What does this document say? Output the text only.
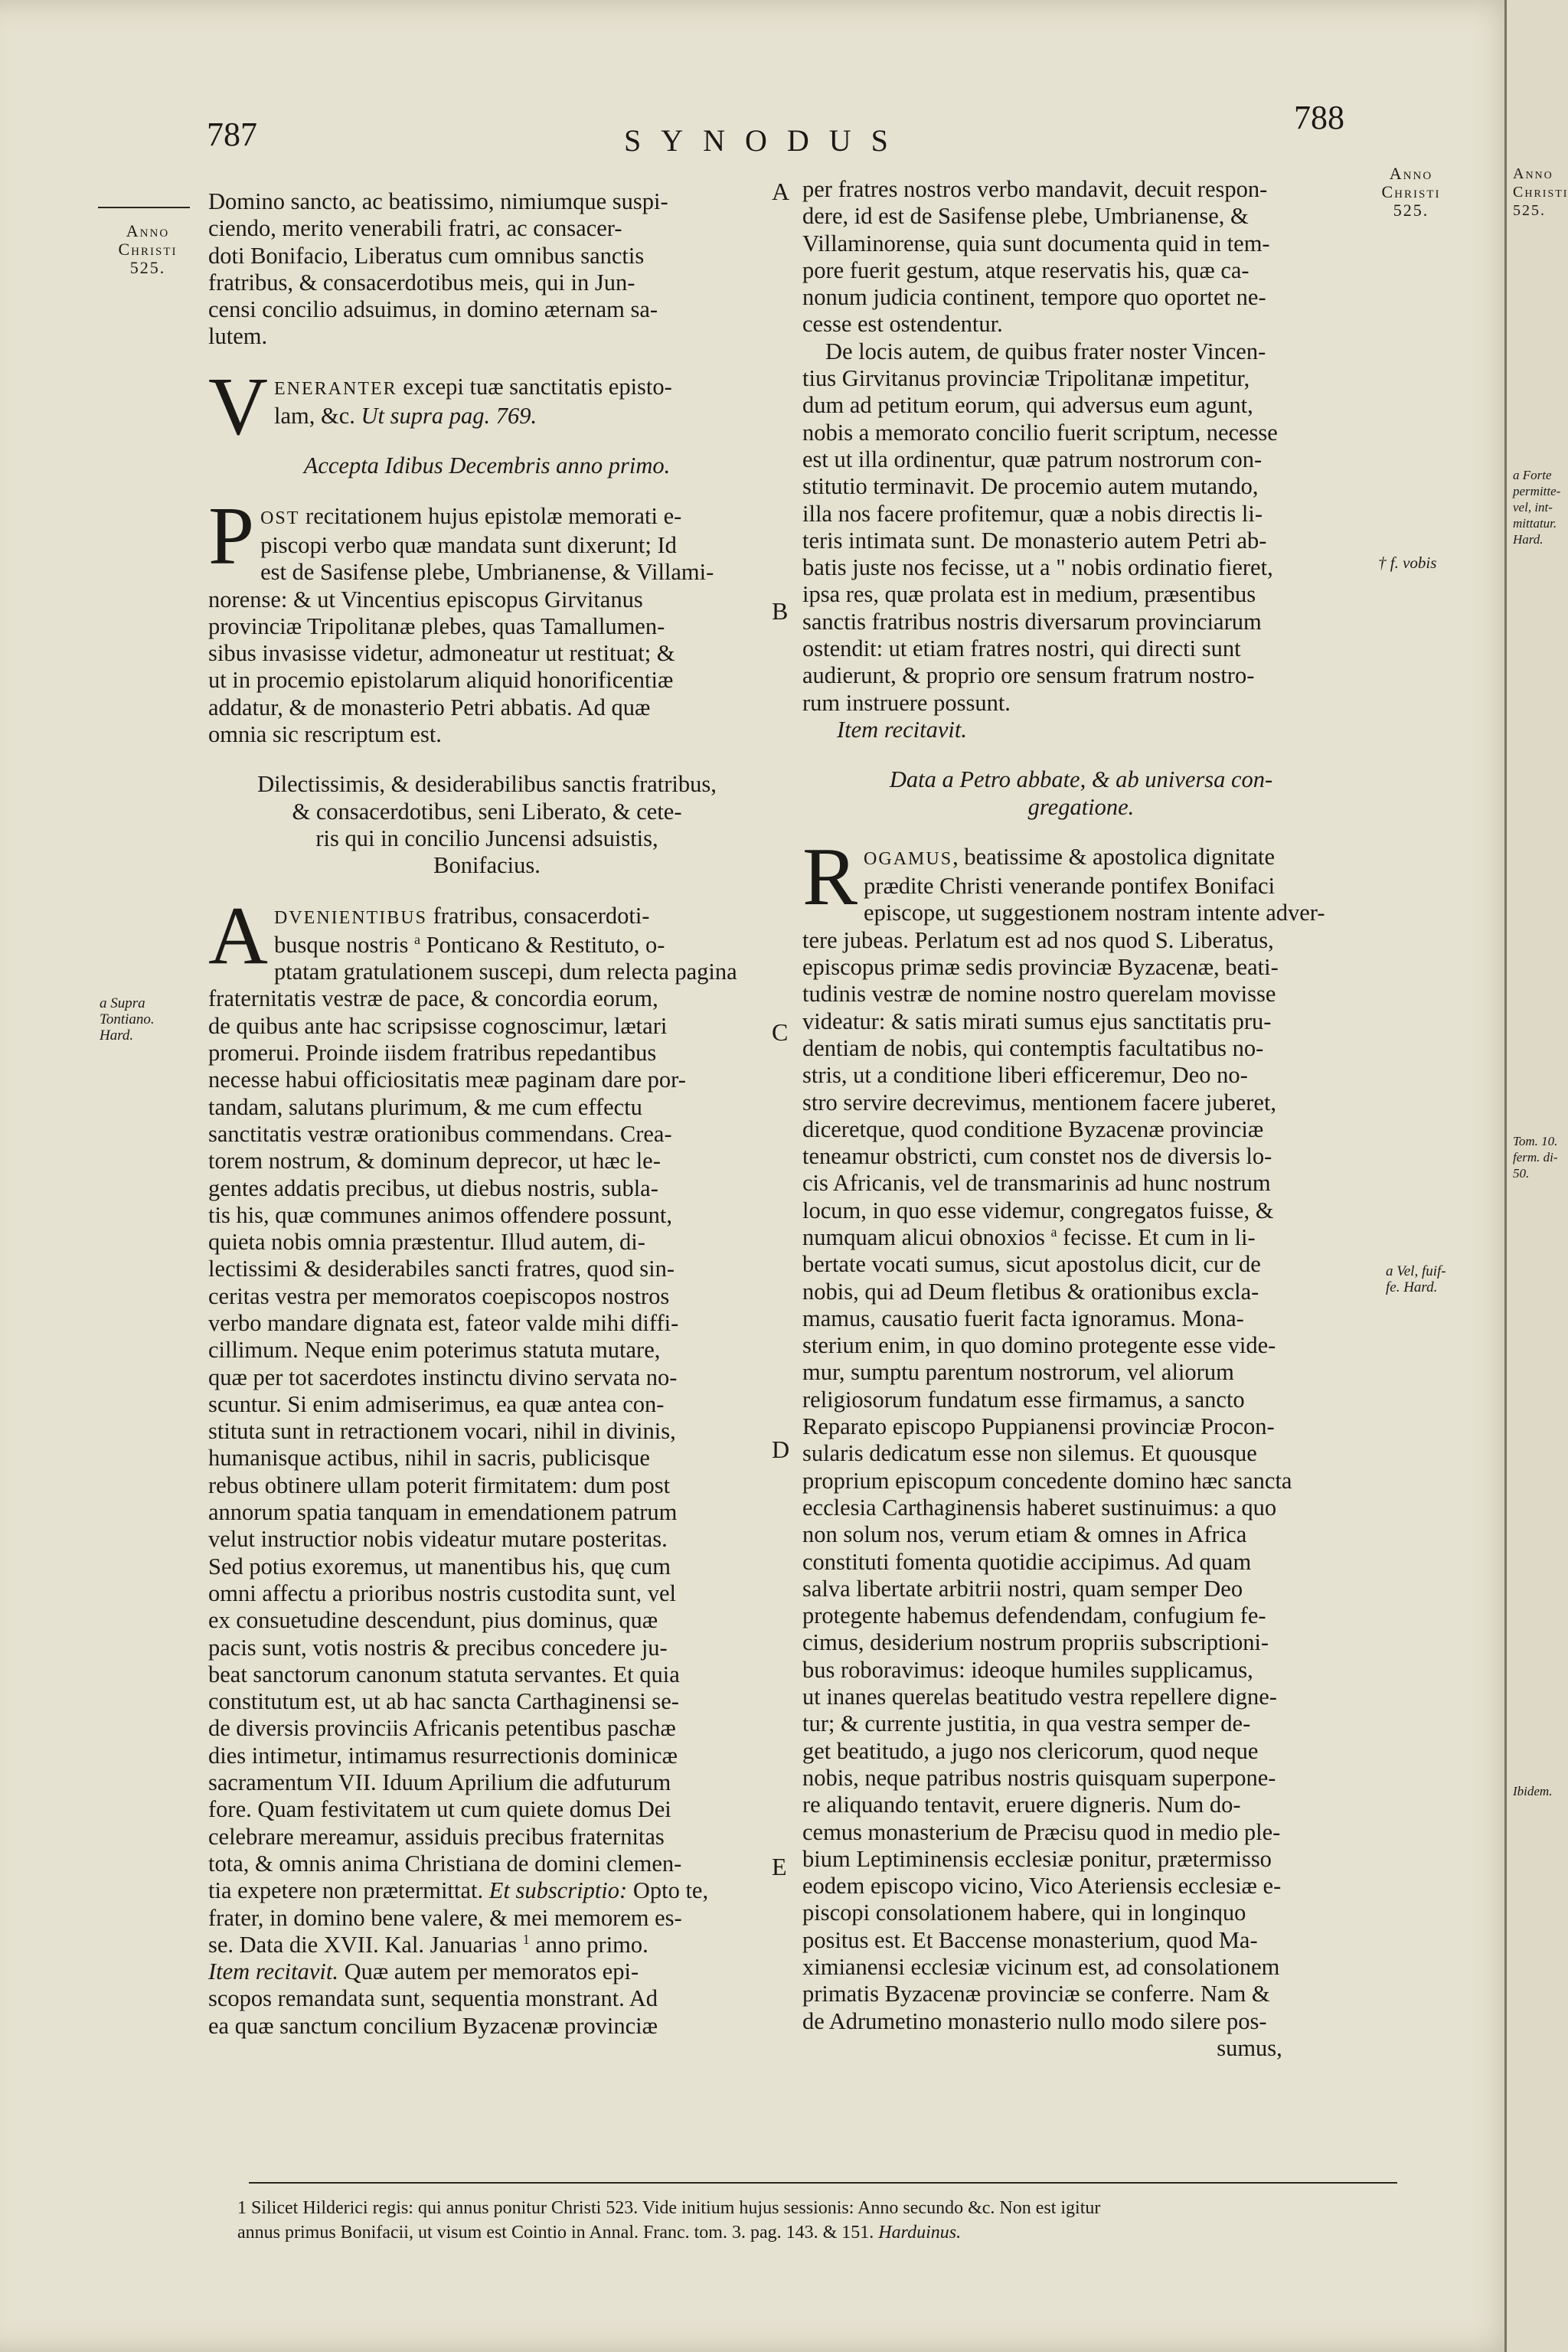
787	SYNODUS
788
Anno
Christi
525.
a Supra
Tontiano.
Hard.
Anno
Christi
525.
† f. vobis
a Vel, fuif-
fe. Hard.
A
B
C
D
E

Domino sancto, ac beatissimo, nimiumque suspi-

ciendo, merito venerabili fratri, ac consacer-

doti Bonifacio, Liberatus cum omnibus sanctis

fratribus, & consacerdotibus meis, qui in Jun-

censi concilio adsuimus, in domino æternam sa-

lutem.

V ENERANTER excepi tuæ sanctitatis episto-

lam, &c. Ut supra pag. 769.

Accepta Idibus Decembris anno primo.

P OST recitationem hujus epistolæ memorati e-

piscopi verbo quæ mandata sunt dixerunt; Id

est de Sasifense plebe, Umbrianense, & Villami-

norense: & ut Vincentius episcopus Girvitanus

provinciæ Tripolitanæ plebes, quas Tamallumen-

sibus invasisse videtur, admoneatur ut restituat; &

ut in procemio epistolarum aliquid honorificentiæ

addatur, & de monasterio Petri abbatis. Ad quæ

omnia sic rescriptum est.

Dilectissimis, & desiderabilibus sanctis fratribus,

& consacerdotibus, seni Liberato, & cete-

ris qui in concilio Juncensi adsuistis,

Bonifacius.

A DVENIENTIBUS fratribus, consacerdoti-

busque nostris $^a$ Ponticano & Restituto, o-

ptatam gratulationem suscepi, dum relecta pagina

fraternitatis vestræ de pace, & concordia eorum,

de quibus ante hac scripsisse cognoscimur, lætari

promerui. Proinde iisdem fratribus repedantibus

necesse habui officiositatis meæ paginam dare por-

tandam, salutans plurimum, & me cum effectu

sanctitatis vestræ orationibus commendans. Crea-

torem nostrum, & dominum deprecor, ut hæc le-

gentes addatis precibus, ut diebus nostris, subla-

tis his, quæ communes animos offendere possunt,

quieta nobis omnia præstentur. Illud autem, di-

lectissimi & desiderabiles sancti fratres, quod sin-

ceritas vestra per memoratos coepiscopos nostros

verbo mandare dignata est, fateor valde mihi diffi-

cillimum. Neque enim poterimus statuta mutare,

quæ per tot sacerdotes instinctu divino servata no-

scuntur. Si enim admiserimus, ea quæ antea con-

stituta sunt in retractionem vocari, nihil in divinis,

humanisque actibus, nihil in sacris, publicisque

rebus obtinere ullam poterit firmitatem: dum post

annorum spatia tanquam in emendationem patrum

velut instructior nobis videatur mutare posteritas.

Sed potius exoremus, ut manentibus his, quę cum

omni affectu a prioribus nostris custodita sunt, vel

ex consuetudine descendunt, pius dominus, quæ

pacis sunt, votis nostris & precibus concedere ju-

beat sanctorum canonum statuta servantes. Et quia

constitutum est, ut ab hac sancta Carthaginensi se-

de diversis provinciis Africanis petentibus paschæ

dies intimetur, intimamus resurrectionis dominicæ

sacramentum VII. Iduum Aprilium die adfuturum

fore. Quam festivitatem ut cum quiete domus Dei

celebrare mereamur, assiduis precibus fraternitas

tota, & omnis anima Christiana de domini clemen-

tia expetere non prætermittat. Et subscriptio: Opto te,

frater, in domino bene valere, & mei memorem es-

se. Data die XVII. Kal. Januarias $^1$ anno primo.

Item recitavit. Quæ autem per memoratos epi-

scopos remandata sunt, sequentia monstrant. Ad

ea quæ sanctum concilium Byzacenæ provinciæ

per fratres nostros verbo mandavit, decuit respon-

dere, id est de Sasifense plebe, Umbrianense, &

Villaminorense, quia sunt documenta quid in tem-

pore fuerit gestum, atque reservatis his, quæ ca-

nonum judicia continent, tempore quo oportet ne-

cesse est ostendentur.

De locis autem, de quibus frater noster Vincen-

tius Girvitanus provinciæ Tripolitanæ impetitur,

dum ad petitum eorum, qui adversus eum agunt,

nobis a memorato concilio fuerit scriptum, necesse

est ut illa ordinentur, quæ patrum nostrorum con-

stitutio terminavit. De procemio autem mutando,

illa nos facere profitemur, quæ a nobis directis li-

teris intimata sunt. De monasterio autem Petri ab-

batis juste nos fecisse, ut a " nobis ordinatio fieret,

ipsa res, quæ prolata est in medium, præsentibus

sanctis fratribus nostris diversarum provinciarum

ostendit: ut etiam fratres nostri, qui directi sunt

audierunt, & proprio ore sensum fratrum nostro-

rum instruere possunt.

Item recitavit.

Data a Petro abbate, & ab universa con-

gregatione.

R OGAMUS, beatissime & apostolica dignitate

prædite Christi venerande pontifex Bonifaci

episcope, ut suggestionem nostram intente adver-

tere jubeas. Perlatum est ad nos quod S. Liberatus,

episcopus primæ sedis provinciæ Byzacenæ, beati-

tudinis vestræ de nomine nostro querelam movisse

videatur: & satis mirati sumus ejus sanctitatis pru-

dentiam de nobis, qui contemptis facultatibus no-

stris, ut a conditione liberi efficeremur, Deo no-

stro servire decrevimus, mentionem facere juberet,

diceretque, quod conditione Byzacenæ provinciæ

teneamur obstricti, cum constet nos de diversis lo-

cis Africanis, vel de transmarinis ad hunc nostrum

locum, in quo esse videmur, congregatos fuisse, &

numquam alicui obnoxios $^a$ fecisse. Et cum in li-

bertate vocati sumus, sicut apostolus dicit, cur de

nobis, qui ad Deum fletibus & orationibus excla-

mamus, causatio fuerit facta ignoramus. Mona-

sterium enim, in quo domino protegente esse vide-

mur, sumptu parentum nostrorum, vel aliorum

religiosorum fundatum esse firmamus, a sancto

Reparato episcopo Puppianensi provinciæ Procon-

sularis dedicatum esse non silemus. Et quousque

proprium episcopum concedente domino hæc sancta

ecclesia Carthaginensis haberet sustinuimus: a quo

non solum nos, verum etiam & omnes in Africa

constituti fomenta quotidie accipimus. Ad quam

salva libertate arbitrii nostri, quam semper Deo

protegente habemus defendendam, confugium fe-

cimus, desiderium nostrum propriis subscriptioni-

bus roboravimus: ideoque humiles supplicamus,

ut inanes querelas beatitudo vestra repellere digne-

tur; & currente justitia, in qua vestra semper de-

get beatitudo, a jugo nos clericorum, quod neque

nobis, neque patribus nostris quisquam superpone-

re aliquando tentavit, eruere digneris. Num do-

cemus monasterium de Præcisu quod in medio ple-

bium Leptiminensis ecclesiæ ponitur, prætermisso

eodem episcopo vicino, Vico Ateriensis ecclesiæ e-

piscopi consolationem habere, qui in longinquo

positus est. Et Baccense monasterium, quod Ma-

ximianensi ecclesiæ vicinum est, ad consolationem

primatis Byzacenæ provinciæ se conferre. Nam &

de Adrumetino monasterio nullo modo silere pos-

sumus,

1 Silicet Hilderici regis: qui annus ponitur Christi 523. Vide initium hujus sessionis: Anno secundo &c. Non est igitur

annus primus Bonifacii, ut visum est Cointio in Annal. Franc. tom. 3. pag. 143. & 151. Harduinus.

Anno
Christi
525.
a Forte
permitte-
vel, int-
mittatur.
Hard.
Tom. 10.
ferm. di-
50.
Ibidem.
